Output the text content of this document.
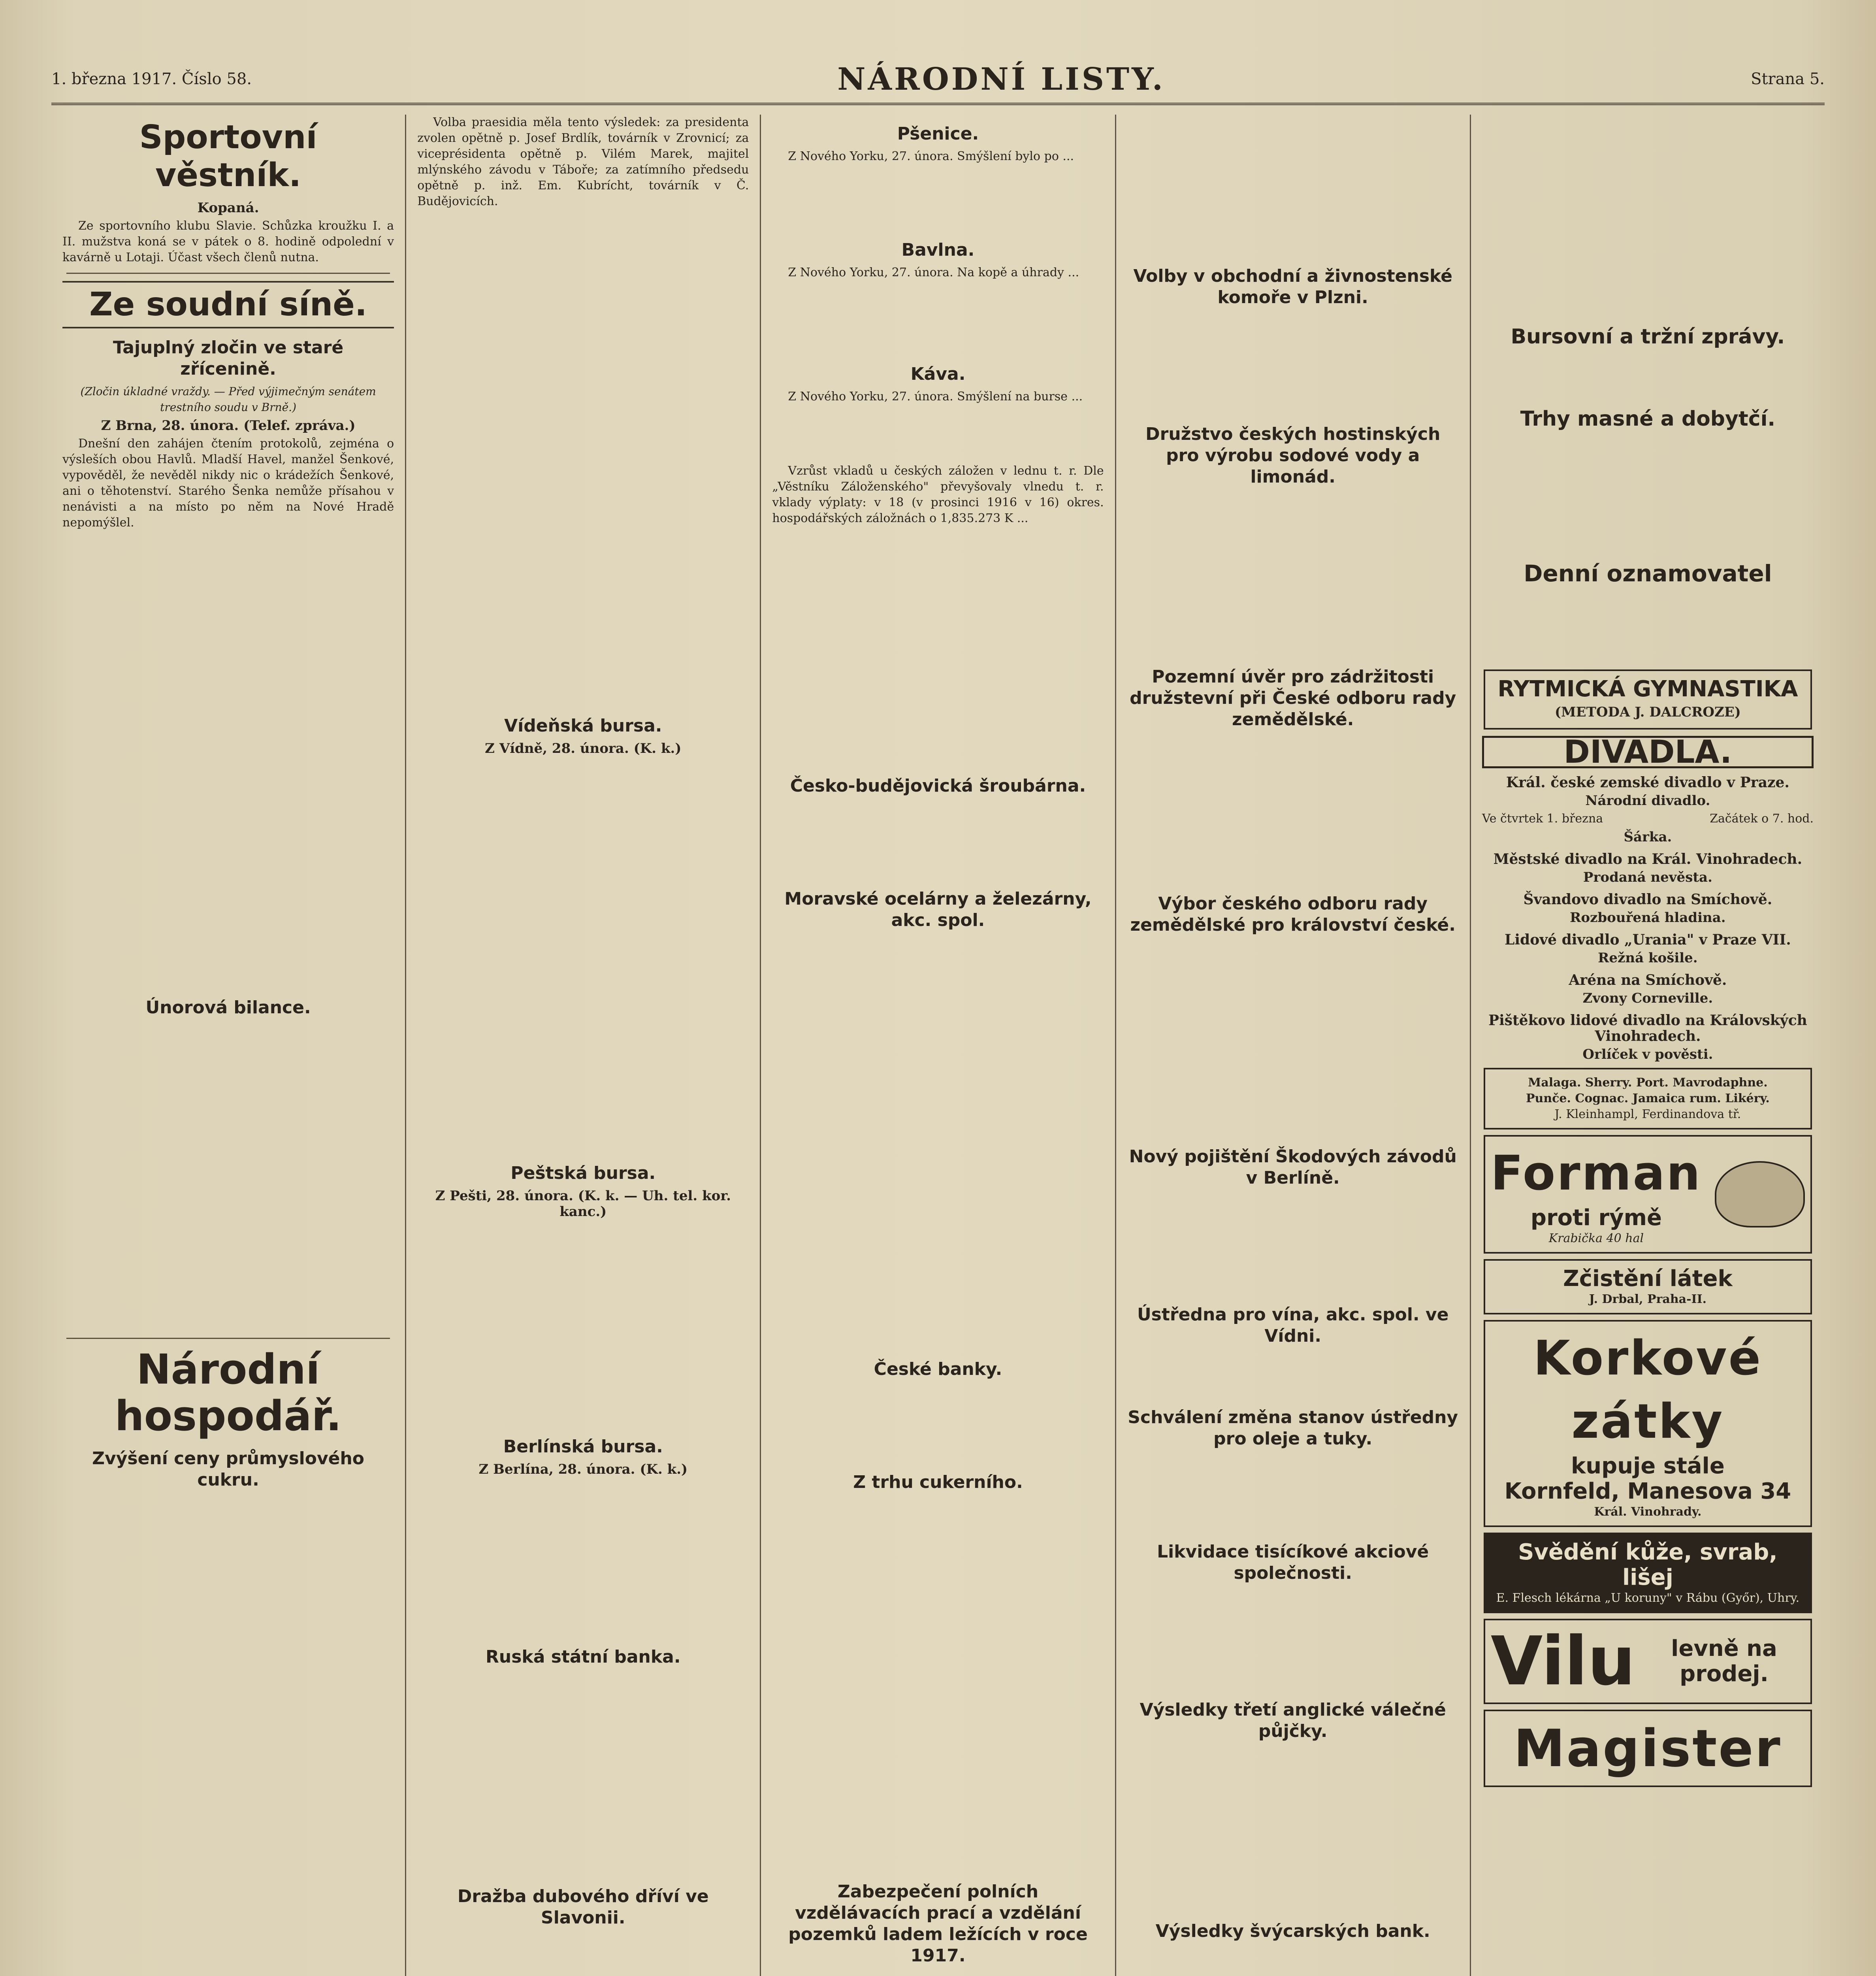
1. března 1917. Číslo 58.	NÁRODNÍ LISTY.	Strana 5.
Sportovní věstník.
Kopaná.

Ze sportovního klubu Slavie. Schůzka kroužku I. a II. mužstva koná se v pátek o 8. hodině odpolední v kavárně u Lotaji. Účast všech členů nutna.

Ze soudní síně.
Tajuplný zločin ve staré zřícenině.
(Zločin úkladné vraždy. — Před výjimečným senátem trestního soudu v Brně.)
Z Brna, 28. února. (Telef. zpráva.)

Dnešní den zahájen čtením protokolů, zejména o výsleších obou Havlů. Mladší Havel, manžel Šenkové, vypověděl, že nevěděl nikdy nic o krádežích Šenkové, ani o těhotenství. Starého Šenka nemůže přísahou v nenávisti a na místo po něm na Nové Hradě nepomýšlel.

Únorová bilance.
Národní hospodář.
Zvýšení ceny průmyslového cukru.

Volba praesidia měla tento výsledek: za presidenta zvolen opětně p. Josef Brdlík, továrník v Zrovnicí; za viceprésidenta opětně p. Vilém Marek, majitel mlýnského závodu v Táboře; za zatímního předsedu opětně p. inž. Em. Kubrícht, továrník v Č. Budějovicích.

Vídeňská bursa.
Z Vídně, 28. února. (K. k.)
Peštská bursa.
Z Pešti, 28. února. (K. k. — Uh. tel. kor. kanc.)
Berlínská bursa.
Z Berlína, 28. února. (K. k.)
Ruská státní banka.
Dražba dubového dříví ve Slavonii.
Pšenice.

Z Nového Yorku, 27. února. Smýšlení bylo po ...

Bavlna.

Z Nového Yorku, 27. února. Na kopě a úhrady ...

Káva.

Z Nového Yorku, 27. února. Smýšlení na burse ...

Vzrůst vkladů u českých záložen v lednu t. r. Dle „Věstníku Záloženského" převyšovaly vlnedu t. r. vklady výplaty: v 18 (v prosinci 1916 v 16) okres. hospodářských záložnách o 1,835.273 K ...

Česko-budějovická šroubárna.
Moravské ocelárny a železárny, akc. spol.
České banky.
Z trhu cukerního.
Zabezpečení polních vzdělávacích prací a vzdělání pozemků ladem ležících v roce 1917.
Volby v obchodní a živnostenské komoře v Plzni.
Družstvo českých hostinských pro výrobu sodové vody a limonád.
Pozemní úvěr pro zádržitosti družstevní při České odboru rady zemědělské.
Výbor českého odboru rady zemědělské pro království české.
Nový pojištění Škodových závodů v Berlíně.
Ústředna pro vína, akc. spol. ve Vídni.
Schválení změna stanov ústředny pro oleje a tuky.
Likvidace tisícíkové akciové společnosti.
Výsledky třetí anglické válečné půjčky.
Výsledky švýcarských bank.
Bursovní a tržní zprávy.
Trhy masné a dobytčí.
Denní oznamovatel
RYTMICKÁ GYMNASTIKA
(METODA J. DALCROZE)
DIVADLA.
Král. české zemské divadlo v Praze.
Národní divadlo.
Ve čtvrtek 1. března	Začátek o 7. hod.
Šárka.
Městské divadlo na Král. Vinohradech.
Prodaná nevěsta.
Švandovo divadlo na Smíchově.
Rozbouřená hladina.
Lidové divadlo „Urania" v Praze VII.
Režná košile.
Aréna na Smíchově.
Zvony Corneville.
Pištěkovo lidové divadlo na Královských Vinohradech.
Orlíček v pověsti.
Malaga. Sherry. Port. Mavrodaphne.
Punče. Cognac. Jamaica rum. Likéry.
J. Kleinhampl, Ferdinandova tř.
Forman
proti rýmě
Krabička 40 hal
Zčistění látek
J. Drbal, Praha-II.
Korkové zátky
kupuje stále
Kornfeld, Manesova 34
Král. Vinohrady.
Svědění kůže, svrab, lišej
E. Flesch lékárna „U koruny" v Rábu (Győr), Uhry.
Vilu	levně na prodej.
Magister
